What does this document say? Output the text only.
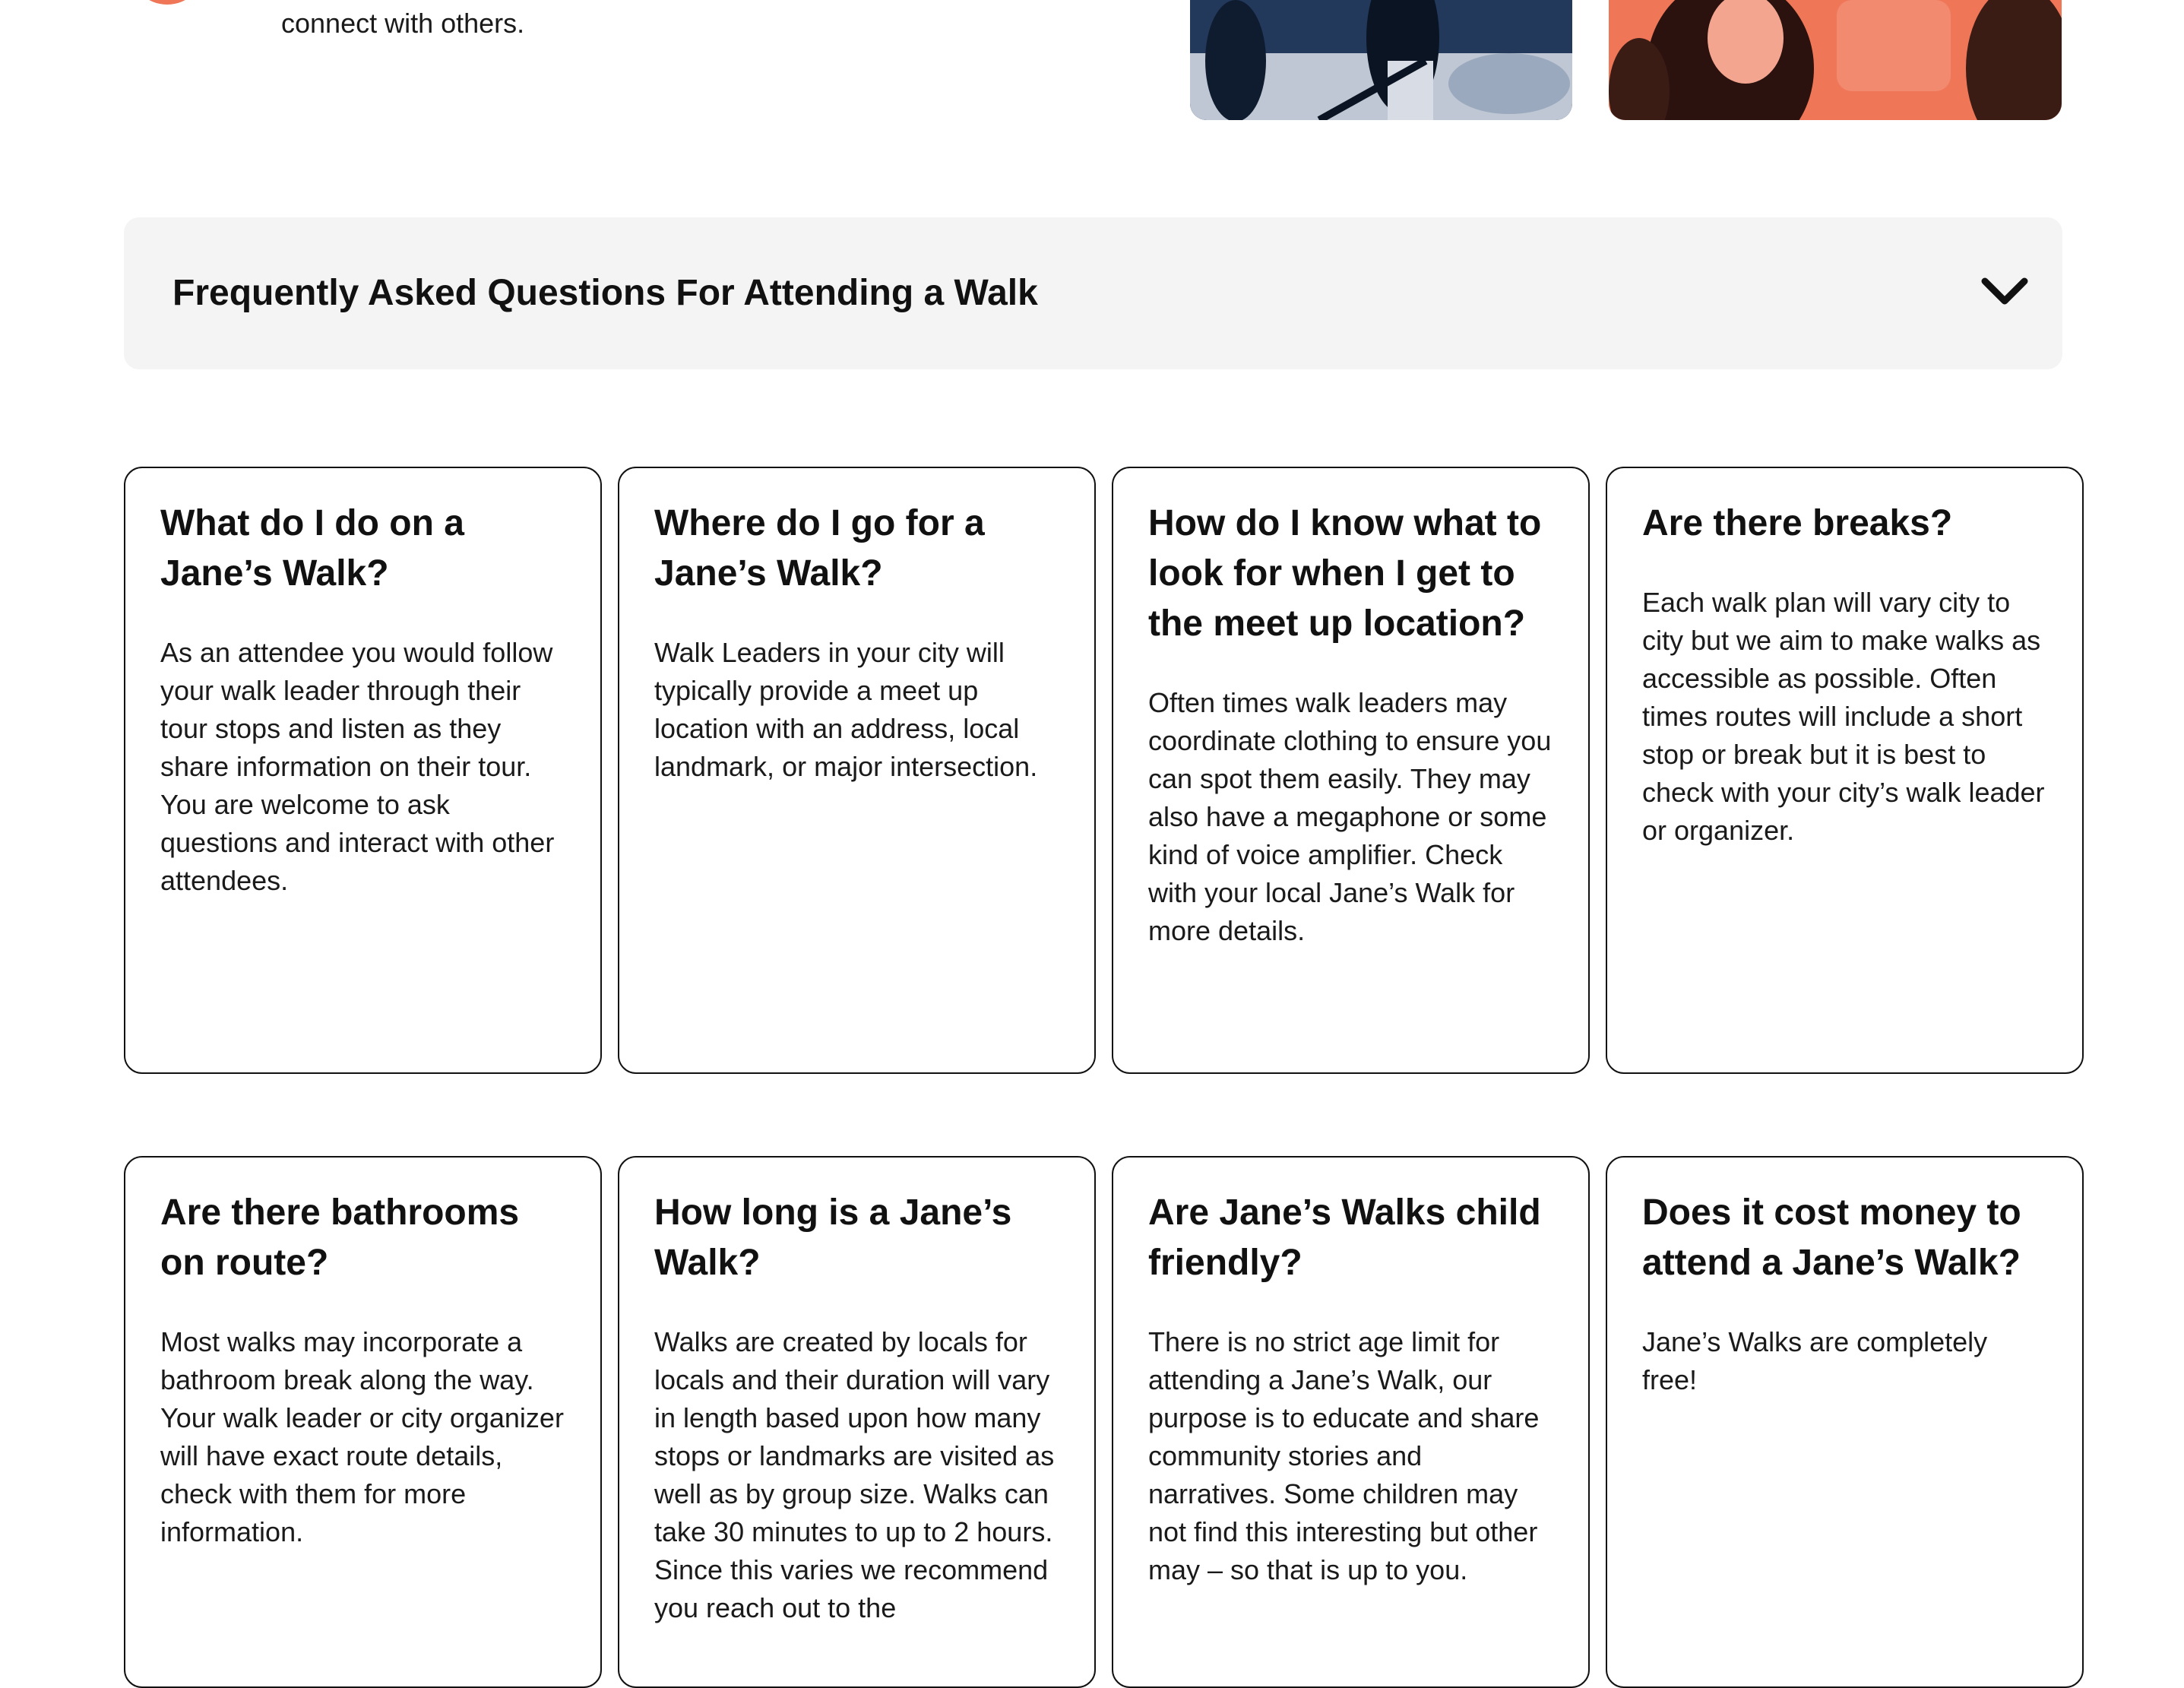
connect with others.
Frequently Asked Questions For Attending a Walk
What do I do on a Jane’s Walk?

As an attendee you would follow your walk leader through their tour stops and listen as they share information on their tour. You are welcome to ask questions and interact with other attendees.

Where do I go for a Jane’s Walk?

Walk Leaders in your city will typically provide a meet up location with an address, local landmark, or major intersection.

How do I know what to look for when I get to the meet up location?

Often times walk leaders may coordinate clothing to ensure you can spot them easily. They may also have a megaphone or some kind of voice amplifier. Check with your local Jane’s Walk for more details.

Are there breaks?

Each walk plan will vary city to city but we aim to make walks as accessible as possible. Often times routes will include a short stop or break but it is best to check with your city’s walk leader or organizer.

Are there bathrooms on route?

Most walks may incorporate a bathroom break along the way. Your walk leader or city organizer will have exact route details, check with them for more information.

How long is a Jane’s Walk?

Walks are created by locals for locals and their duration will vary in length based upon how many stops or landmarks are visited as well as by group size. Walks can take 30 minutes to up to 2 hours. Since this varies we recommend you reach out to the

Are Jane’s Walks child friendly?

There is no strict age limit for attending a Jane’s Walk, our purpose is to educate and share community stories and narratives. Some children may not find this interesting but other may – so that is up to you.

Does it cost money to attend a Jane’s Walk?

Jane’s Walks are completely free!
